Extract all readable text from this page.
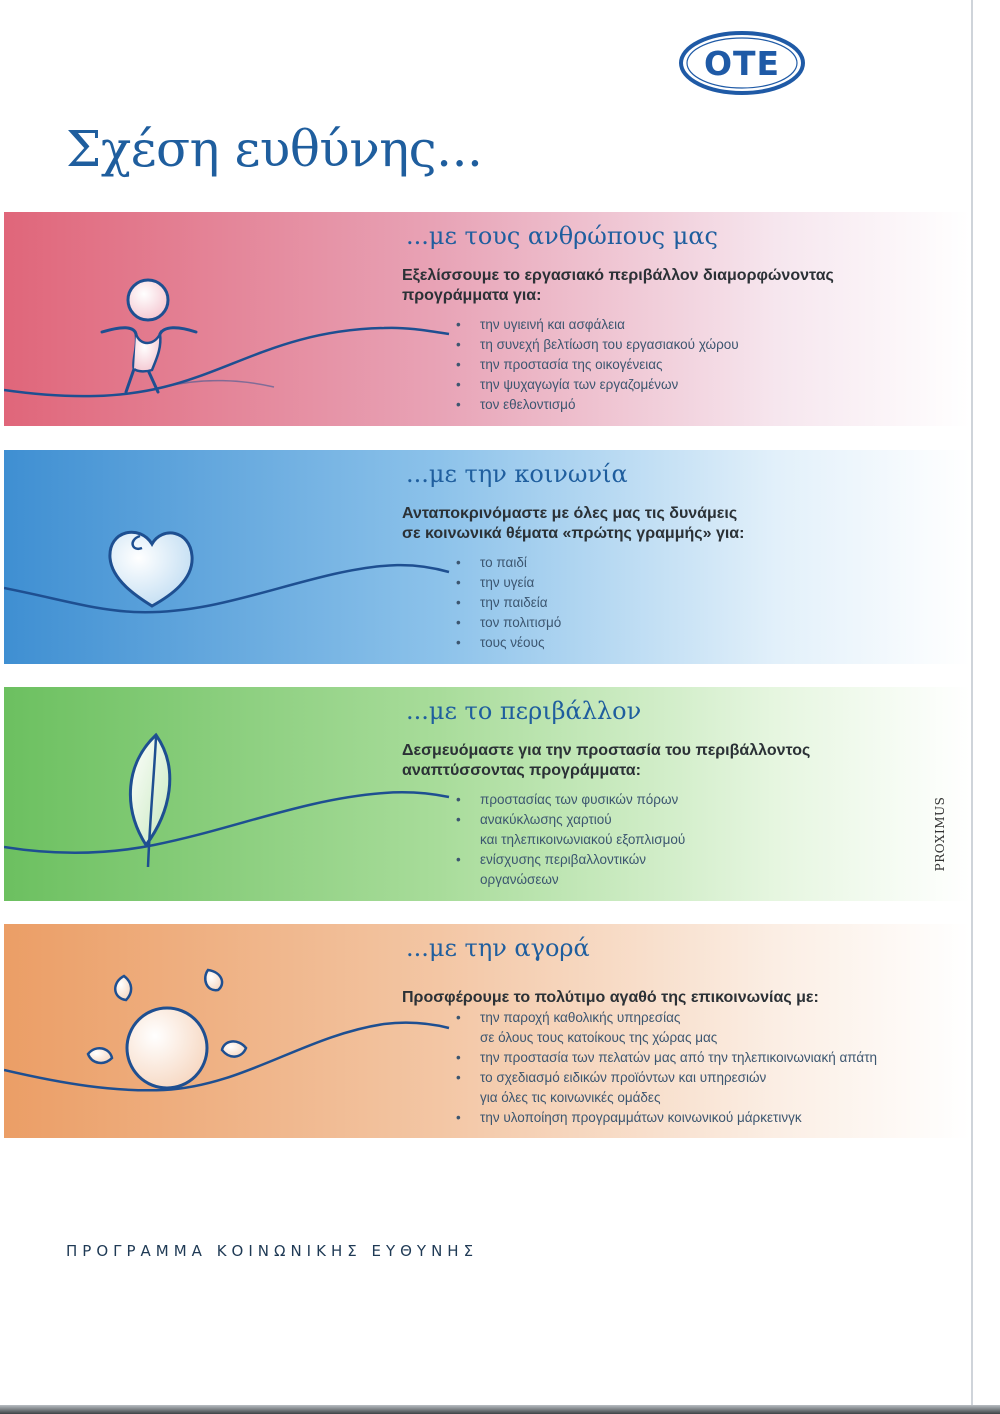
OTE
Σχέση ευθύνης...
...με τους ανθρώπους μας

Εξελίσσουμε το εργασιακό περιβάλλον διαμορφώνοντας
προγράμματα για:

• την υγιεινή και ασφάλεια
• τη συνεχή βελτίωση του εργασιακού χώρου
• την προστασία της οικογένειας
• την ψυχαγωγία των εργαζομένων
• τον εθελοντισμό
...με την κοινωνία

Ανταποκρινόμαστε με όλες μας τις δυνάμεις
σε κοινωνικά θέματα «πρώτης γραμμής» για:

• το παιδί
• την υγεία
• την παιδεία
• τον πολιτισμό
• τους νέους
...με το περιβάλλον

Δεσμευόμαστε για την προστασία του περιβάλλοντος
αναπτύσσοντας προγράμματα:

• προστασίας των φυσικών πόρων
• ανακύκλωσης χαρτιού
και τηλεπικοινωνιακού εξοπλισμού
• ενίσχυσης περιβαλλοντικών
οργανώσεων
...με την αγορά

Προσφέρουμε το πολύτιμο αγαθό της επικοινωνίας με:

• την παροχή καθολικής υπηρεσίας
σε όλους τους κατοίκους της χώρας μας
• την προστασία των πελατών μας από την τηλεπικοινωνιακή απάτη
• το σχεδιασμό ειδικών προϊόντων και υπηρεσιών
για όλες τις κοινωνικές ομάδες
• την υλοποίηση προγραμμάτων κοινωνικού μάρκετινγκ
PROXIMUS

ΠΡΟΓΡΑΜΜΑ ΚΟΙΝΩΝΙΚΗΣ ΕΥΘΥΝΗΣ
